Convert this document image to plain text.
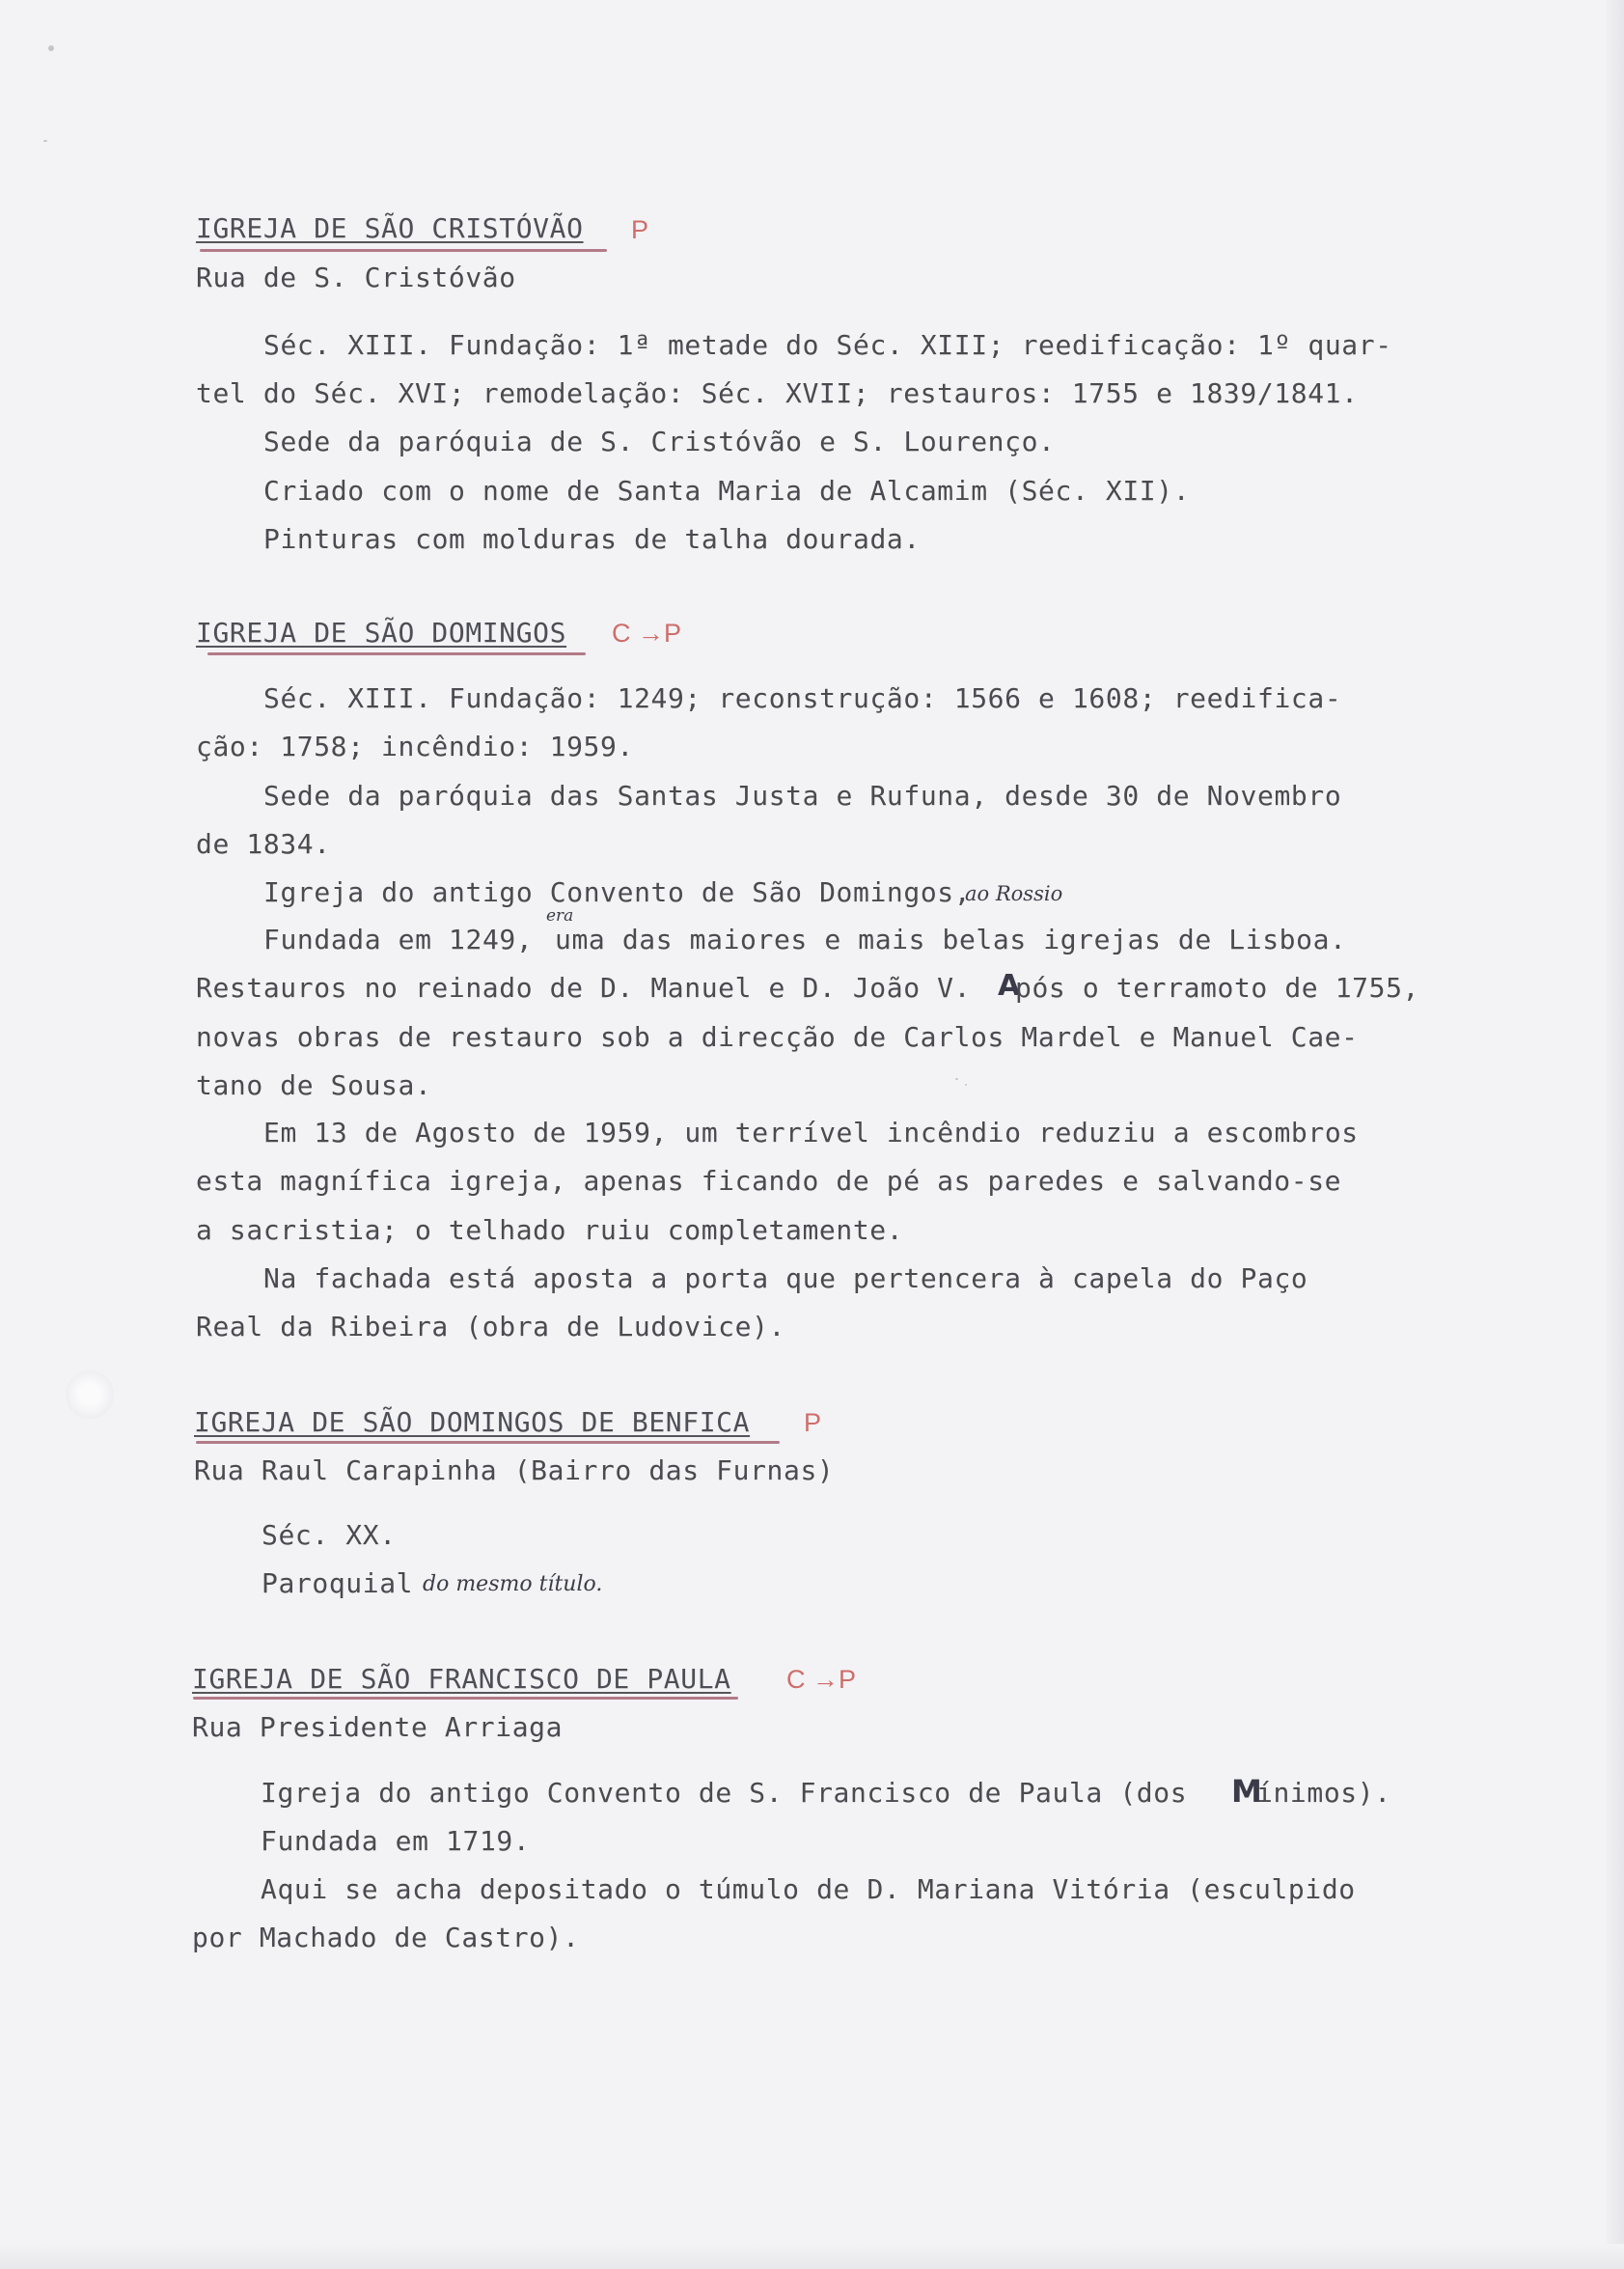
IGREJA DE SÃO CRISTÓVÃO P
Rua de S. Cristóvão
Séc. XIII. Fundação: 1ª metade do Séc. XIII; reedificação: 1º quar-
tel do Séc. XVI; remodelação: Séc. XVII; restauros: 1755 e 1839/1841.
Sede da paróquia de S. Cristóvão e S. Lourenço.
Criado com o nome de Santa Maria de Alcamim (Séc. XII).
Pinturas com molduras de talha dourada.
IGREJA DE SÃO DOMINGOS C →P
Séc. XIII. Fundação: 1249; reconstrução: 1566 e 1608; reedifica-
ção: 1758; incêndio: 1959.
Sede da paróquia das Santas Justa e Rufuna, desde 30 de Novembro
de 1834.
Igreja do antigo Convento de São Domingos,
ao Rossio
era
Fundada em 1249, uma das maiores e mais belas igrejas de Lisboa.
Restauros no reinado de D. Manuel e D. João V. A
pós o terramoto de 1755,
novas obras de restauro sob a direcção de Carlos Mardel e Manuel Cae-
tano de Sousa.
Em 13 de Agosto de 1959, um terrível incêndio reduziu a escombros
esta magnífica igreja, apenas ficando de pé as paredes e salvando-se
a sacristia; o telhado ruiu completamente.
Na fachada está aposta a porta que pertencera à capela do Paço
Real da Ribeira (obra de Ludovice).
IGREJA DE SÃO DOMINGOS DE BENFICA P
Rua Raul Carapinha (Bairro das Furnas)
Séc. XX.
Paroquial do mesmo título.
IGREJA DE SÃO FRANCISCO DE PAULA C →P
Rua Presidente Arriaga
Igreja do antigo Convento de S. Francisco de Paula (dos M
ínimos).
Fundada em 1719.
Aqui se acha depositado o túmulo de D. Mariana Vitória (esculpido
por Machado de Castro).
